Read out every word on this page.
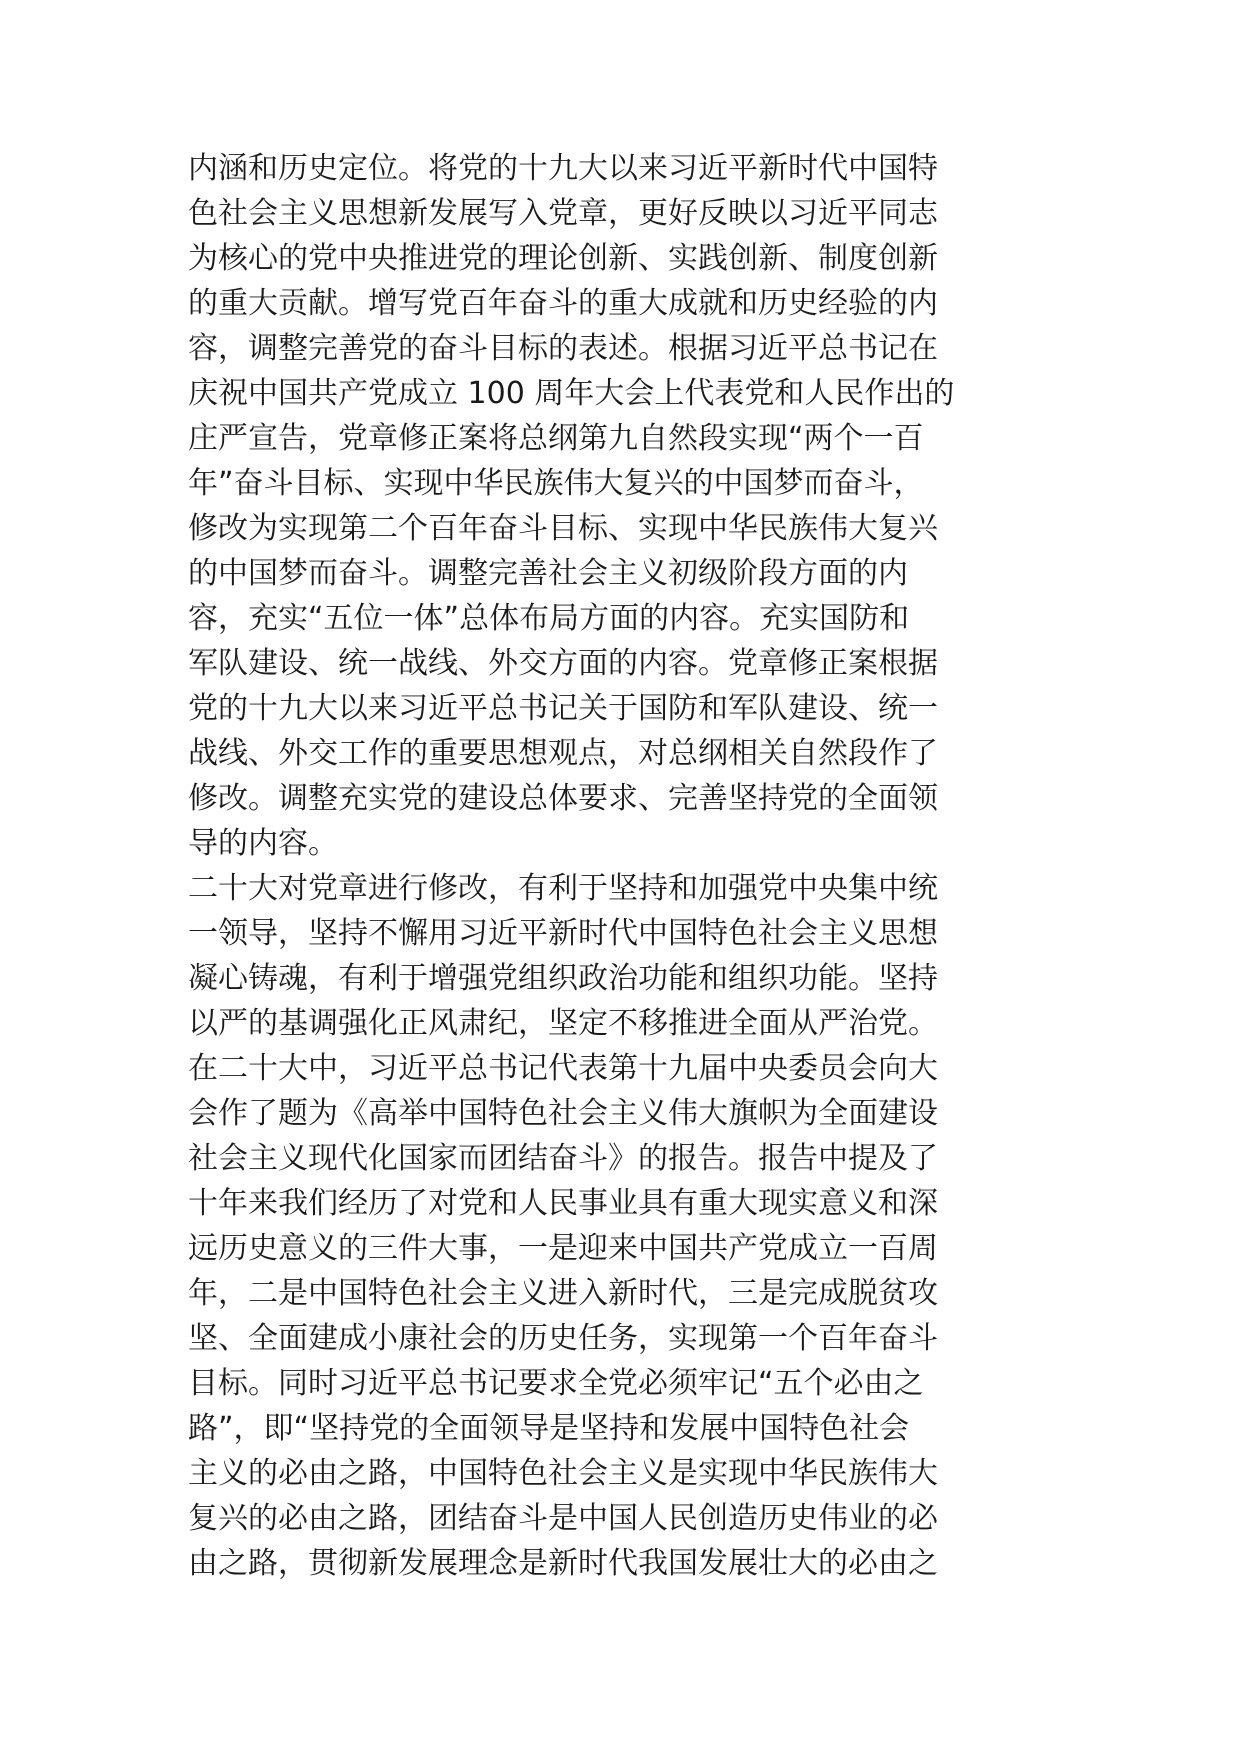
内涵和历史定位。将党的十九大以来习近平新时代中国特
色社会主义思想新发展写入党章，更好反映以习近平同志
为核心的党中央推进党的理论创新、实践创新、制度创新
的重大贡献。增写党百年奋斗的重大成就和历史经验的内
容，调整完善党的奋斗目标的表述。根据习近平总书记在
庆祝中国共产党成立 100 周年大会上代表党和人民作出的
庄严宣告，党章修正案将总纲第九自然段实现“两个一百
年”奋斗目标、实现中华民族伟大复兴的中国梦而奋斗，
修改为实现第二个百年奋斗目标、实现中华民族伟大复兴
的中国梦而奋斗。调整完善社会主义初级阶段方面的内
容，充实“五位一体”总体布局方面的内容。充实国防和
军队建设、统一战线、外交方面的内容。党章修正案根据
党的十九大以来习近平总书记关于国防和军队建设、统一
战线、外交工作的重要思想观点，对总纲相关自然段作了
修改。调整充实党的建设总体要求、完善坚持党的全面领
导的内容。
二十大对党章进行修改，有利于坚持和加强党中央集中统
一领导，坚持不懈用习近平新时代中国特色社会主义思想
凝心铸魂，有利于增强党组织政治功能和组织功能。坚持
以严的基调强化正风肃纪，坚定不移推进全面从严治党。
在二十大中，习近平总书记代表第十九届中央委员会向大
会作了题为《高举中国特色社会主义伟大旗帜为全面建设
社会主义现代化国家而团结奋斗》的报告。报告中提及了
十年来我们经历了对党和人民事业具有重大现实意义和深
远历史意义的三件大事，一是迎来中国共产党成立一百周
年，二是中国特色社会主义进入新时代，三是完成脱贫攻
坚、全面建成小康社会的历史任务，实现第一个百年奋斗
目标。同时习近平总书记要求全党必须牢记“五个必由之
路”，即“坚持党的全面领导是坚持和发展中国特色社会
主义的必由之路，中国特色社会主义是实现中华民族伟大
复兴的必由之路，团结奋斗是中国人民创造历史伟业的必
由之路，贯彻新发展理念是新时代我国发展壮大的必由之
